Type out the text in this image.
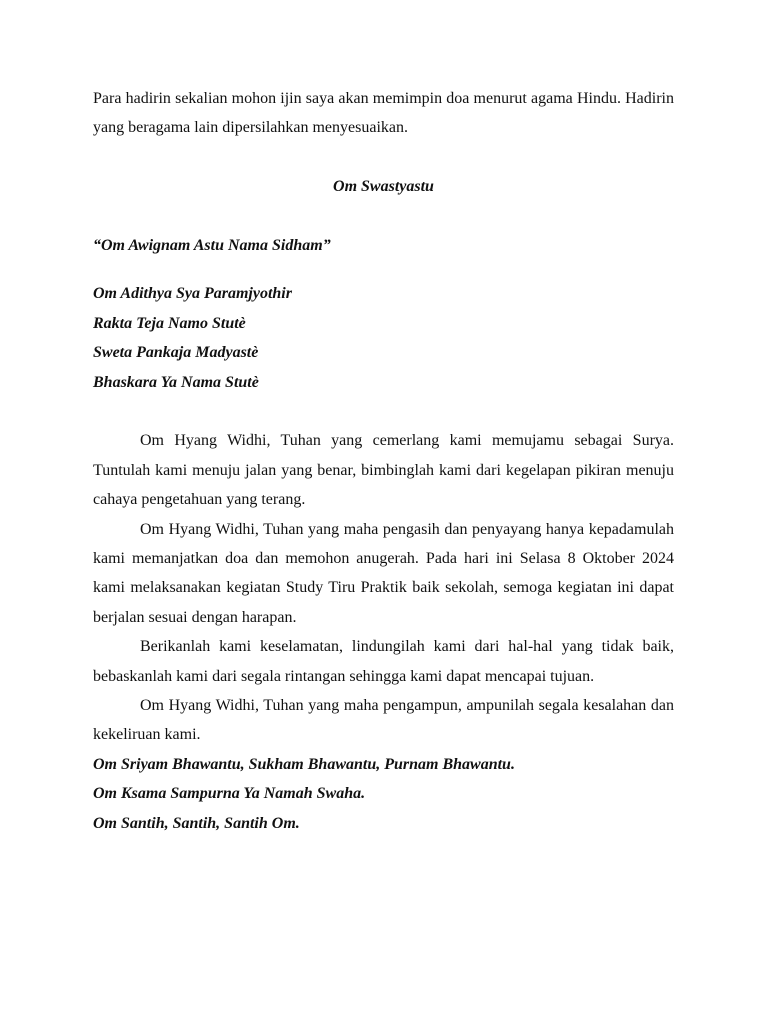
Para hadirin sekalian mohon ijin saya akan memimpin doa menurut agama Hindu. Hadirin yang beragama lain dipersilahkan menyesuaikan.

Om Swastyastu

“Om Awignam Astu Nama Sidham”

Om Adithya Sya Paramjyothir

Rakta Teja Namo Stutè

Sweta Pankaja Madyastè

Bhaskara Ya Nama Stutè

Om Hyang Widhi, Tuhan yang cemerlang kami memujamu sebagai Surya. Tuntulah kami menuju jalan yang benar, bimbinglah kami dari kegelapan pikiran menuju cahaya pengetahuan yang terang.

Om Hyang Widhi, Tuhan yang maha pengasih dan penyayang hanya kepadamulah kami memanjatkan doa dan memohon anugerah. Pada hari ini Selasa 8 Oktober 2024 kami melaksanakan kegiatan Study Tiru Praktik baik sekolah, semoga kegiatan ini dapat berjalan sesuai dengan harapan.

Berikanlah kami keselamatan, lindungilah kami dari hal-hal yang tidak baik, bebaskanlah kami dari segala rintangan sehingga kami dapat mencapai tujuan.

Om Hyang Widhi, Tuhan yang maha pengampun, ampunilah segala kesalahan dan kekeliruan kami.

Om Sriyam Bhawantu, Sukham Bhawantu, Purnam Bhawantu.

Om Ksama Sampurna Ya Namah Swaha.

Om Santih, Santih, Santih Om.
